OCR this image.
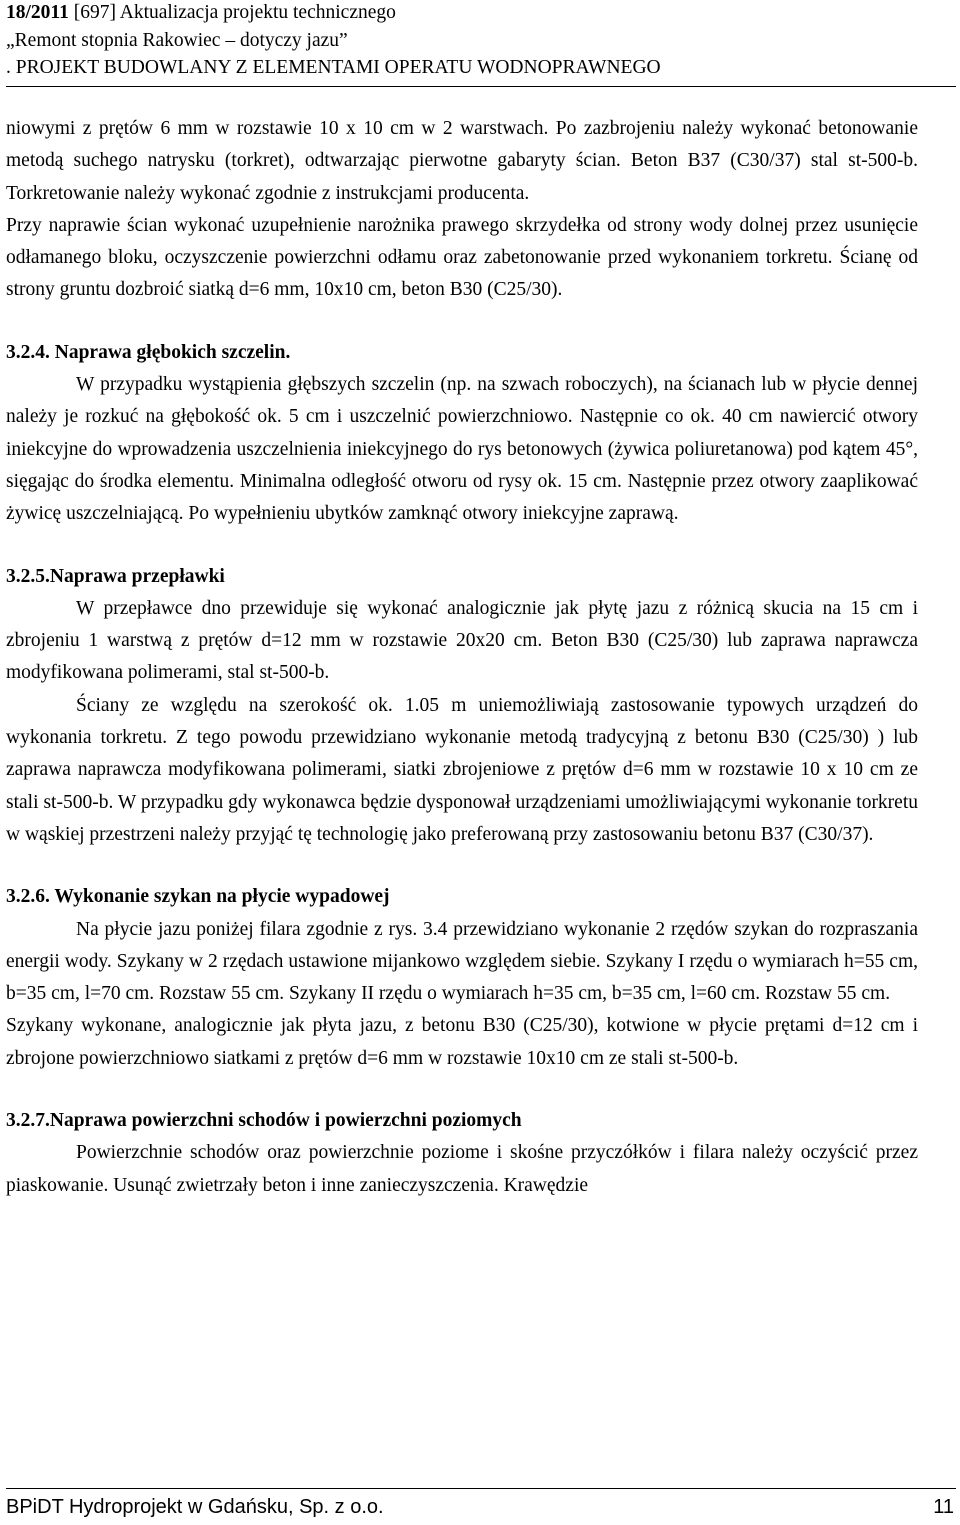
18/2011 [697] Aktualizacja projektu technicznego
„Remont stopnia Rakowiec – dotyczy jazu”
. PROJEKT BUDOWLANY Z ELEMENTAMI OPERATU WODNOPRAWNEGO

niowymi z prętów 6 mm w rozstawie 10 x 10 cm w 2 warstwach. Po zazbrojeniu należy wykonać betonowanie metodą suchego natrysku (torkret), odtwarzając pierwotne gabaryty ścian. Beton B37 (C30/37) stal st-500-b. Torkretowanie należy wykonać zgodnie z instrukcjami producenta.

Przy naprawie ścian wykonać uzupełnienie narożnika prawego skrzydełka od strony wody dolnej przez usunięcie odłamanego bloku, oczyszczenie powierzchni odłamu oraz zabetonowanie przed wykonaniem torkretu. Ścianę od strony gruntu dozbroić siatką d=6 mm, 10x10 cm, beton B30 (C25/30).

3.2.4. Naprawa głębokich szczelin.

W przypadku wystąpienia głębszych szczelin (np. na szwach roboczych), na ścianach lub w płycie dennej należy je rozkuć na głębokość ok. 5 cm i uszczelnić powierzchniowo. Następnie co ok. 40 cm nawiercić otwory iniekcyjne do wprowadzenia uszczelnienia iniekcyjnego do rys betonowych (żywica poliuretanowa) pod kątem 45°, sięgając do środka elementu. Minimalna odległość otworu od rysy ok. 15 cm. Następnie przez otwory zaaplikować żywicę uszczelniającą. Po wypełnieniu ubytków zamknąć otwory iniekcyjne zaprawą.

3.2.5.Naprawa przepławki

W przepławce dno przewiduje się wykonać analogicznie jak płytę jazu z różnicą skucia na 15 cm i zbrojeniu 1 warstwą z prętów d=12 mm w rozstawie 20x20 cm. Beton B30 (C25/30) lub zaprawa naprawcza modyfikowana polimerami, stal st-500-b.

Ściany ze względu na szerokość ok. 1.05 m uniemożliwiają zastosowanie typowych urządzeń do wykonania torkretu. Z tego powodu przewidziano wykonanie metodą tradycyjną z betonu B30 (C25/30) ) lub zaprawa naprawcza modyfikowana polimerami, siatki zbrojeniowe z prętów d=6 mm w rozstawie 10 x 10 cm ze stali st-500-b. W przypadku gdy wykonawca będzie dysponował urządzeniami umożliwiającymi wykonanie torkretu w wąskiej przestrzeni należy przyjąć tę technologię jako preferowaną przy zastosowaniu betonu B37 (C30/37).

3.2.6. Wykonanie szykan na płycie wypadowej

Na płycie jazu poniżej filara zgodnie z rys. 3.4 przewidziano wykonanie 2 rzędów szykan do rozpraszania energii wody. Szykany w 2 rzędach ustawione mijankowo względem siebie. Szykany I rzędu o wymiarach h=55 cm, b=35 cm, l=70 cm. Rozstaw 55 cm. Szykany II rzędu o wymiarach h=35 cm, b=35 cm, l=60 cm. Rozstaw 55 cm.

Szykany wykonane, analogicznie jak płyta jazu, z betonu B30 (C25/30), kotwione w płycie prętami d=12 cm i zbrojone powierzchniowo siatkami z prętów d=6 mm w rozstawie 10x10 cm ze stali st-500-b.

3.2.7.Naprawa powierzchni schodów i powierzchni poziomych

Powierzchnie schodów oraz powierzchnie poziome i skośne przyczółków i filara należy oczyścić przez piaskowanie. Usunąć zwietrzały beton i inne zanieczyszczenia. Krawędzie

BPiDT Hydroprojekt w Gdańsku, Sp. z o.o.	11
